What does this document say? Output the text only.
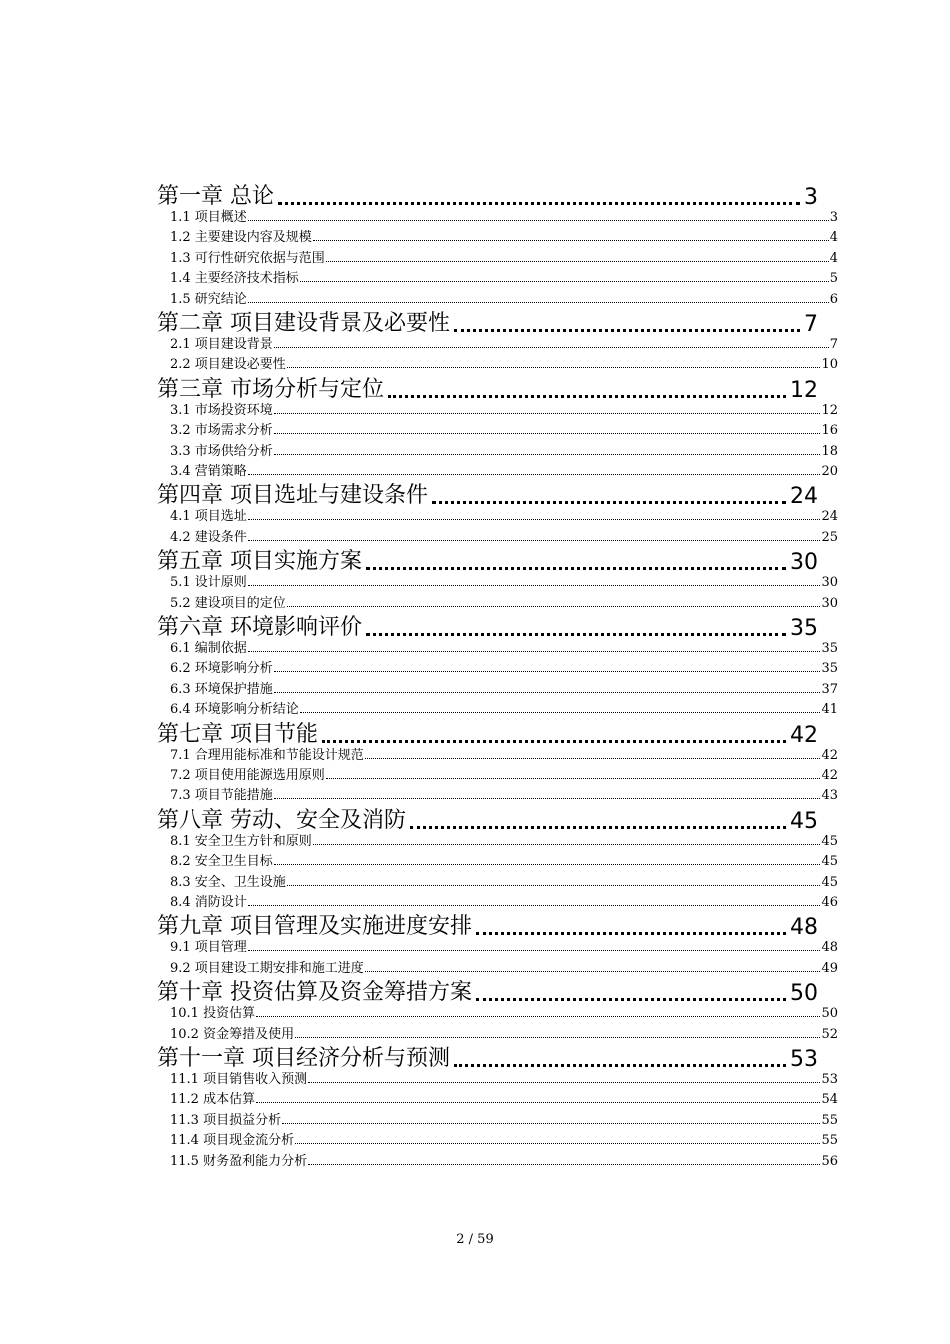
第一章 总论	3
1.1 项目概述	3
1.2 主要建设内容及规模	4
1.3 可行性研究依据与范围	4
1.4 主要经济技术指标	5
1.5 研究结论	6
第二章 项目建设背景及必要性	7
2.1 项目建设背景	7
2.2 项目建设必要性	10
第三章 市场分析与定位	12
3.1 市场投资环境	12
3.2 市场需求分析	16
3.3 市场供给分析	18
3.4 营销策略	20
第四章 项目选址与建设条件	24
4.1 项目选址	24
4.2 建设条件	25
第五章 项目实施方案	30
5.1 设计原则	30
5.2 建设项目的定位	30
第六章 环境影响评价	35
6.1 编制依据	35
6.2 环境影响分析	35
6.3 环境保护措施	37
6.4 环境影响分析结论	41
第七章 项目节能	42
7.1 合理用能标准和节能设计规范	42
7.2 项目使用能源选用原则	42
7.3 项目节能措施	43
第八章 劳动、安全及消防	45
8.1 安全卫生方针和原则	45
8.2 安全卫生目标	45
8.3 安全、卫生设施	45
8.4 消防设计	46
第九章 项目管理及实施进度安排	48
9.1 项目管理	48
9.2 项目建设工期安排和施工进度	49
第十章 投资估算及资金筹措方案	50
10.1 投资估算	50
10.2 资金筹措及使用	52
第十一章 项目经济分析与预测	53
11.1 项目销售收入预测	53
11.2 成本估算	54
11.3 项目损益分析	55
11.4 项目现金流分析	55
11.5 财务盈利能力分析	56
2 / 59
